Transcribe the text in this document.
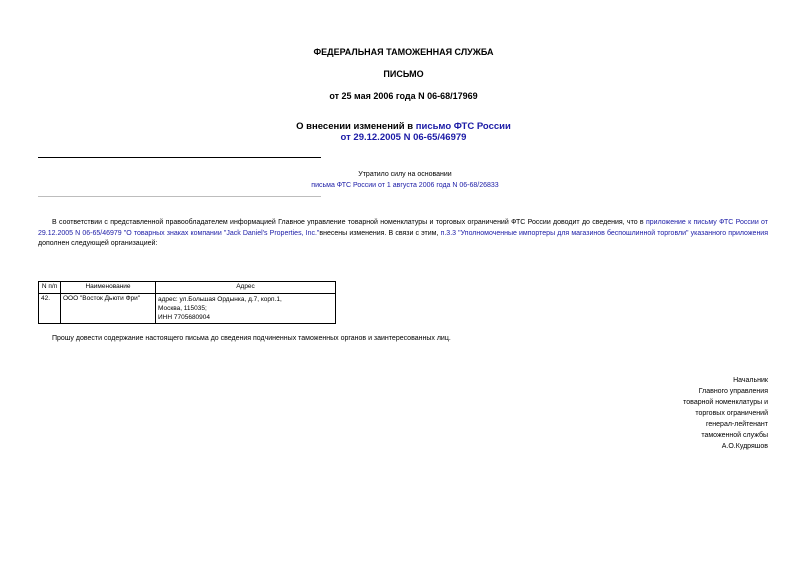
ФЕДЕРАЛЬНАЯ ТАМОЖЕННАЯ СЛУЖБА
ПИСЬМО
от 25 мая 2006 года N 06-68/17969
О внесении изменений в письмо ФТС России
от 29.12.2005 N 06-65/46979
Утратило силу на основании
письма ФТС России от 1 августа 2006 года N 06-68/26833
В соответствии с представленной правообладателем информацией Главное управление товарной номенклатуры и торговых ограничений ФТС России доводит до сведения, что в приложение к письму ФТС России от 29.12.2005 N 06-65/46979 "О товарных знаках компании "Jack Daniel's Properties, Inc."внесены изменения. В связи с этим, п.3.3 "Уполномоченные импортеры для магазинов беспошлинной торговли" указанного приложения дополнен следующей организацией:
N п/п	Наименование	Адрес
42.	ООО "Восток Дьюти Фри"	адрес: ул.Большая Ордынка, д.7, корп.1,
Москва, 115035;
ИНН 7705680904
Прошу довести содержание настоящего письма до сведения подчиненных таможенных органов и заинтересованных лиц.
Начальник
Главного управления
товарной номенклатуры и
торговых ограничений
генерал-лейтенант
таможенной службы
А.О.Кудряшов
